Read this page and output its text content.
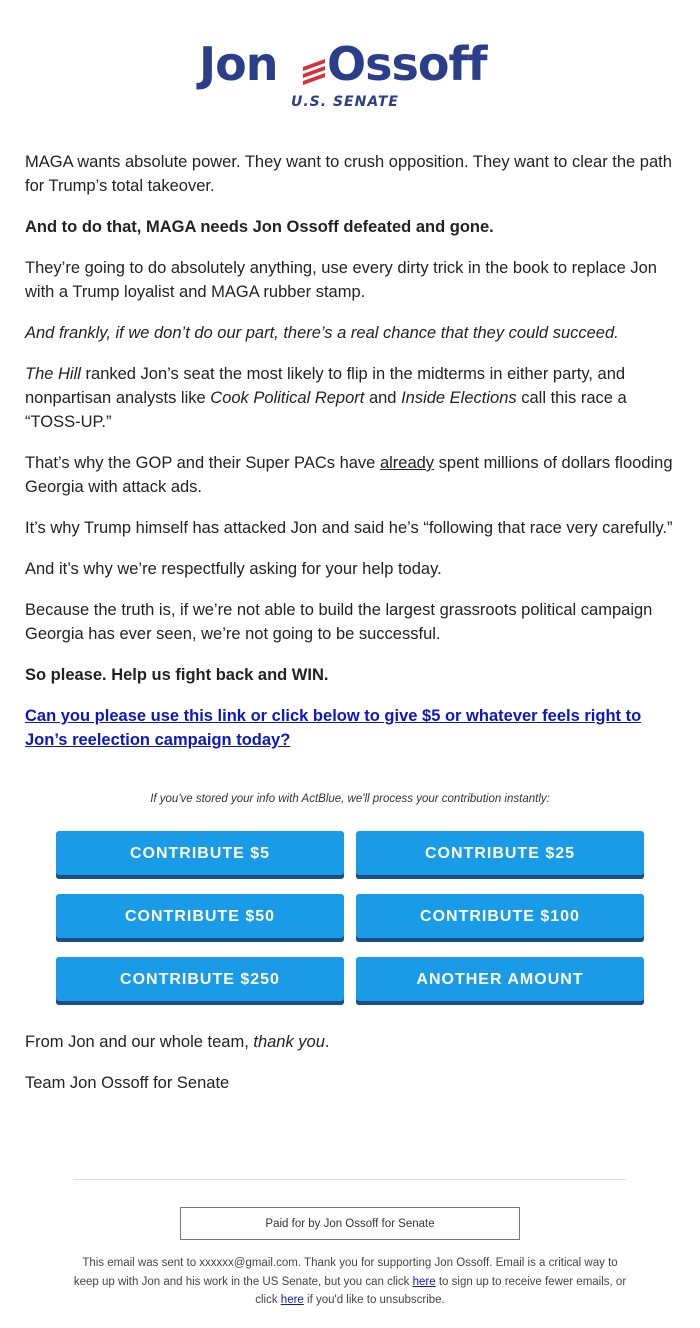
Jon Ossoff
U.S. SENATE

MAGA wants absolute power. They want to crush opposition. They want to clear the path for Trump’s total takeover.

And to do that, MAGA needs Jon Ossoff defeated and gone.

They’re going to do absolutely anything, use every dirty trick in the book to replace Jon with a Trump loyalist and MAGA rubber stamp.

And frankly, if we don’t do our part, there’s a real chance that they could succeed.

The Hill ranked Jon’s seat the most likely to flip in the midterms in either party, and nonpartisan analysts like Cook Political Report and Inside Elections call this race a “TOSS-UP.”

That’s why the GOP and their Super PACs have already spent millions of dollars flooding Georgia with attack ads.

It’s why Trump himself has attacked Jon and said he’s “following that race very carefully.”

And it’s why we’re respectfully asking for your help today.

Because the truth is, if we’re not able to build the largest grassroots political campaign Georgia has ever seen, we’re not going to be successful.

So please. Help us fight back and WIN.

Can you please use this link or click below to give $5 or whatever feels right to Jon’s reelection campaign today?

If you've stored your info with ActBlue, we'll process your contribution instantly:
CONTRIBUTE $5	CONTRIBUTE $25
CONTRIBUTE $50	CONTRIBUTE $100
CONTRIBUTE $250	ANOTHER AMOUNT

From Jon and our whole team, thank you.

Team Jon Ossoff for Senate

Paid for by Jon Ossoff for Senate
This email was sent to xxxxxx@gmail.com. Thank you for supporting Jon Ossoff. Email is a critical way to keep up with Jon and his work in the US Senate, but you can click here to sign up to receive fewer emails, or click here if you'd like to unsubscribe.
